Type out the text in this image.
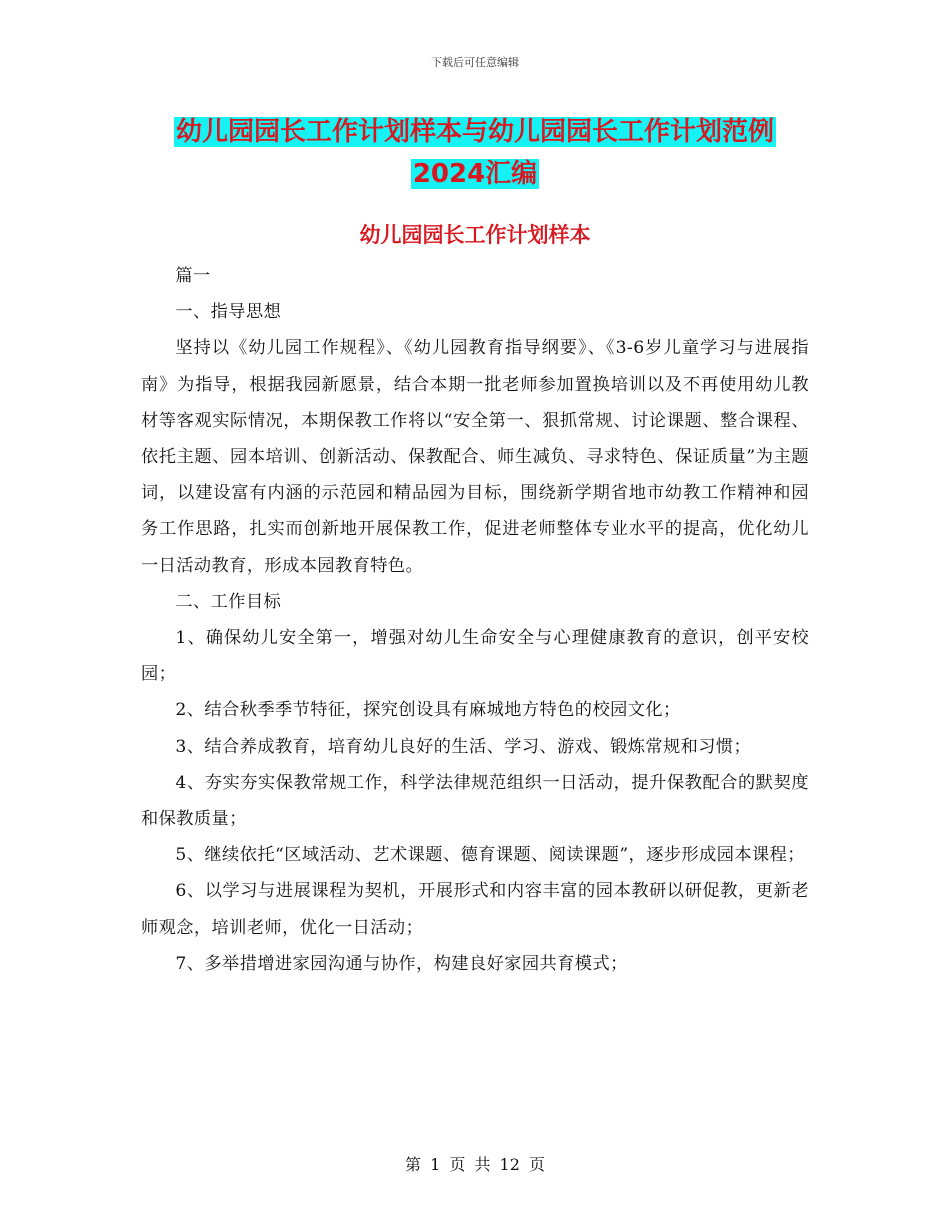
下载后可任意编辑
幼儿园园长工作计划样本与幼儿园园长工作计划范例
2024汇编
幼儿园园长工作计划样本

篇一

一、指导思想

坚持以《幼儿园工作规程》、《幼儿园教育指导纲要》、《3-6岁儿童学习与进展指南》为指导，根据我园新愿景，结合本期一批老师参加置换培训以及不再使用幼儿教材等客观实际情况，本期保教工作将以“安全第一、狠抓常规、讨论课题、整合课程、依托主题、园本培训、创新活动、保教配合、师生减负、寻求特色、保证质量”为主题词，以建设富有内涵的示范园和精品园为目标，围绕新学期省地市幼教工作精神和园务工作思路，扎实而创新地开展保教工作，促进老师整体专业水平的提高，优化幼儿一日活动教育，形成本园教育特色。

二、工作目标

1、确保幼儿安全第一，增强对幼儿生命安全与心理健康教育的意识，创平安校园；

2、结合秋季季节特征，探究创设具有麻城地方特色的校园文化；

3、结合养成教育，培育幼儿良好的生活、学习、游戏、锻炼常规和习惯；

4、夯实夯实保教常规工作，科学法律规范组织一日活动，提升保教配合的默契度和保教质量；

5、继续依托“区域活动、艺术课题、德育课题、阅读课题”，逐步形成园本课程；

6、以学习与进展课程为契机，开展形式和内容丰富的园本教研以研促教，更新老师观念，培训老师，优化一日活动；

7、多举措增进家园沟通与协作，构建良好家园共育模式；

第 1 页 共 12 页
